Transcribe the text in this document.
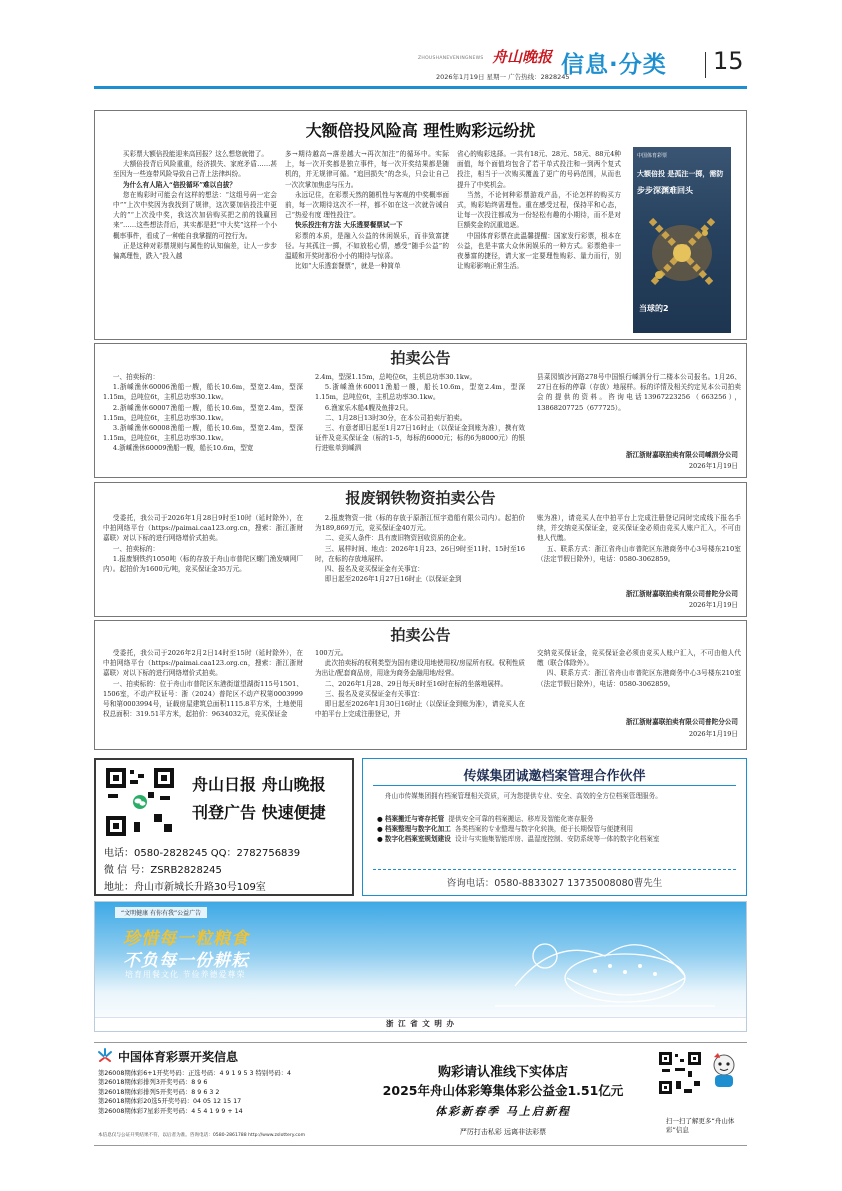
ZHOUSHANEVENINGNEWS 舟山晚报
2026年1月19日 星期一 广告热线：2828245
信息·分类 15
大额倍投风险高 理性购彩远纷扰

买彩票大额倍投能迎来高回报？这么想您就错了。

大额倍投背后风险重重，经济损失、家庭矛盾……甚至因为一些连带风险导致自己背上法律纠纷。

为什么有人陷入“倍投循环”难以自拔？

您在购彩时可能会有这样的想法：“这组号码一定会中”“上次中奖因为我找到了规律，这次要加倍投注中更大的”“上次没中奖，我这次加倍购买把之前的钱赢回来”……这些想法背后，其实都是把“中大奖”这样一个小概率事件，看成了一种能自我掌握的可控行为。

正是这种对彩票规则与属性的认知偏差，让人一步步偏离理性，跌入“投入越

多→期待越高→落差越大→再次加注”的循环中。实际上，每一次开奖都是独立事件，每一次开奖结果都是随机的，并无规律可循。“追回损失”的念头，只会让自己一次次掌加焦虑与压力。

永远记住，在彩票天然的随机性与客观的中奖概率面前，每一次期待这次不一样，都不如在这一次就告诫自己“热爱有度 理性投注”。

快乐投注有方法 大乐透要餐票试一下

彩票的本质，是融入公益的休闲娱乐，而非致富捷径。与其孤注一掷，不如放松心情，感受“随手公益”的温暖和开奖时那份小小的期待与惊喜。

比如“大乐透套餐票”，就是一种简单

省心的购彩选择。一共有18元、28元、58元、88元4种面值，每个面值均包含了若干单式投注和一到两个复式投注，相当于一次购买覆盖了更广的号码范围，从而也提升了中奖机会。

当然，不论何种彩票游戏产品，不论怎样的购买方式，购彩始终需理性。重在感受过程，保持平和心态，让每一次投注都成为一份轻松有趣的小期待，而不是对巨额奖金的沉重追逐。

中国体育彩票在此温馨提醒：国家发行彩票，根本在公益，也是丰富大众休闲娱乐的一种方式。彩票绝非一夜暴富的捷径，请大家一定要理性购彩、量力而行，别让购彩影响正常生活。

中国体育彩票
大额倍投 是孤注一掷，需防
步步深渊难回头
当球的2
拍卖公告

一、拍卖标的：

1.浙嵊渔休60006渔船一艘，船长10.6m，型宽2.4m，型深1.15m，总吨位6t，主机总功率30.1kw。

2.浙嵊渔休60007渔船一艘，船长10.6m，型宽2.4m，型深1.15m，总吨位6t，主机总功率30.1kw。

3.浙嵊渔休60008渔船一艘，船长10.6m，型宽2.4m，型深1.15m，总吨位6t，主机总功率30.1kw。

4.浙嵊渔休60009渔船一艘，船长10.6m，型宽

2.4m，型深1.15m，总吨位6t，主机总功率30.1kw。

5.浙嵊渔休60011渔船一艘，船长10.6m，型宽2.4m，型深1.15m，总吨位6t，主机总功率30.1kw。

6.渔家乐木船4艘及鱼排2只。

二、1月28日13时30分，在本公司拍卖厅拍卖。

三、有意者即日起至1月27日16时止（以保证金到账为准），携有效证件及竞买保证金（标的1-5，每标的6000元；标的6为8000元）的银行进账单到嵊泗

县菜园镇沙河路278号中国银行嵊泗分行二楼本公司报名。1月26、27日在标的停靠（存放）地展样。标的详情及相关约定见本公司拍卖会的提供的资料。咨询电话13967223256（663256），13868207725（677725）。

浙江浙财嘉联拍卖有限公司嵊泗分公司
2026年1月19日
报废钢铁物资拍卖公告

受委托，我公司于2026年1月28日9时至10时（延时除外），在中拍网络平台（https://paimai.caa123.org.cn，搜索：浙江浙财嘉联）对以下标的进行网络增价式拍卖。

一、拍卖标的：

1.报废钢铁约1050吨（标的存放于舟山市普陀区螺门渔发嘀网厂内）。起拍价为1600元/吨，竞买保证金35万元。

2.报废物资一批（标的存放于原浙江恒宇造船有限公司内）。起拍价为189,869万元，竞买保证金40万元。

二、竞买人条件：具有废旧物资回收资质的企业。

三、展样时间、地点：2026年1月23、26日9时至11时、15时至16时，在标的存放地展样。

四、报名及竞买保证金有关事宜：

即日起至2026年1月27日16时止（以保证金到

账为准），请竞买人在中拍平台上完成注册登记同时完成线下报名手续，并交纳竞买保证金，竞买保证金必须由竞买人账户汇入，不可由他人代缴。

五、联系方式：浙江省舟山市普陀区东港商务中心3号楼东210室（法定节假日除外），电话：0580-3062859。

浙江浙财嘉联拍卖有限公司普陀分公司
2026年1月19日
拍卖公告

受委托，我公司于2026年2月2日14时至15时（延时除外），在中拍网络平台（https://paimai.caa123.org.cn，搜索：浙江浙财嘉联）对以下标的进行网络增价式拍卖。

一、拍卖标的：位于舟山市普陀区东港街道望湖街115号1501、1506室，不动产权证号：浙（2024）普陀区不动产权第0003999号和第0003994号，证载房屋建筑总面积1115.8平方米，土地使用权总面积：319.51平方米，起拍价：9634032元，竞买保证金

100万元。

此次拍卖标的权利类型为国有建设用地使用权/房屋所有权。权利性质为出让/配套商品房，用途为商务金融用地/经营。

二、2026年1月28、29日每天8时至16时在标的坐落地展样。

三、报名及竞买保证金有关事宜：

即日起至2026年1月30日16时止（以保证金到账为准），请竞买人在中拍平台上完成注册登记，并

交纳竞买保证金，竞买保证金必须由竞买人账户汇入，不可由他人代缴（联合体除外）。

四、联系方式：浙江省舟山市普陀区东港商务中心3号楼东210室（法定节假日除外），电话：0580-3062859。

浙江浙财嘉联拍卖有限公司普陀分公司
2026年1月19日
舟山日报 舟山晚报
刊登广告 快速便捷
电话：0580-2828245 QQ：2782756839
微 信 号：ZSRB2828245
地址：舟山市新城长升路30号109室
传媒集团诚邀档案管理合作伙伴
舟山市传媒集团拥有档案管理相关资质，可为您提供专业、安全、高效的全方位档案管理服务。
● 档案搬迁与寄存托管 提供安全可靠的档案搬运、移库及智能化寄存服务
● 档案整理与数字化加工 各类档案的专业整理与数字化转换，便于长期保管与便捷利用
● 数字化档案室规划建设 设计与实施集智能库房、温湿度控制、安防系统等一体的数字化档案室
咨询电话：0580-8833027 13735008080曹先生
“文明健康 有你有我”公益广告
珍惜每一粒粮食
不负每一份耕耘
培育用餐文化 节俭养德爱尊荣
浙 江 省 文 明 办
中国体育彩票开奖信息
第26008期体彩6+1开奖号码：正选号码：4 9 1 9 5 3 特别号码：4
第26018期体彩排列3开奖号码：8 9 6
第26018期体彩排列5开奖号码：8 9 6 3 2
第26018期体彩20选5开奖号码：04 05 12 15 17
第26008期体彩7星彩开奖号码：4 5 4 1 9 9 + 14
本信息仅与公证开奖结果不符，以后者为准。咨询电话：0580-2861788 http://www.zslottery.com
购彩请认准线下实体店
2025年舟山体彩筹集体彩公益金1.51亿元
体彩新春季 马上启新程
严厉打击私彩 远离非法彩票
扫一扫了解更多“舟山体彩”信息
